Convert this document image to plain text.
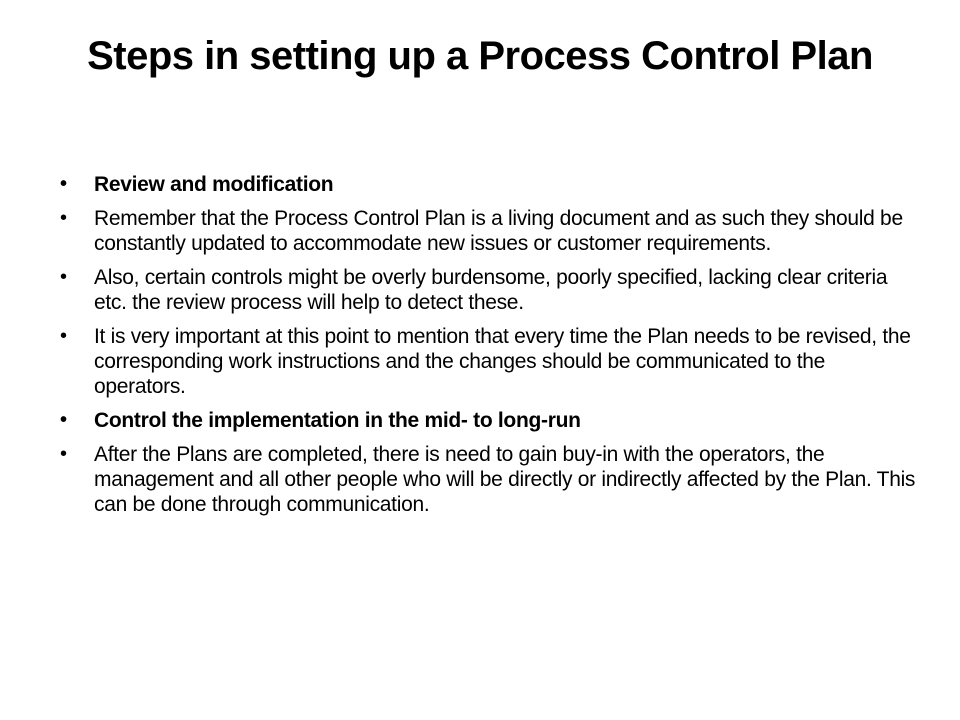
Steps in setting up a Process Control Plan
• Review and modification
• Remember that the Process Control Plan is a living document and as such they should be constantly updated to accommodate new issues or customer requirements.
• Also, certain controls might be overly burdensome, poorly specified, lacking clear criteria etc. the review process will help to detect these.
• It is very important at this point to mention that every time the Plan needs to be revised, the corresponding work instructions and the changes should be communicated to the operators.
• Control the implementation in the mid- to long-run
• After the Plans are completed, there is need to gain buy-in with the operators, the management and all other people who will be directly or indirectly affected by the Plan. This can be done through communication.
